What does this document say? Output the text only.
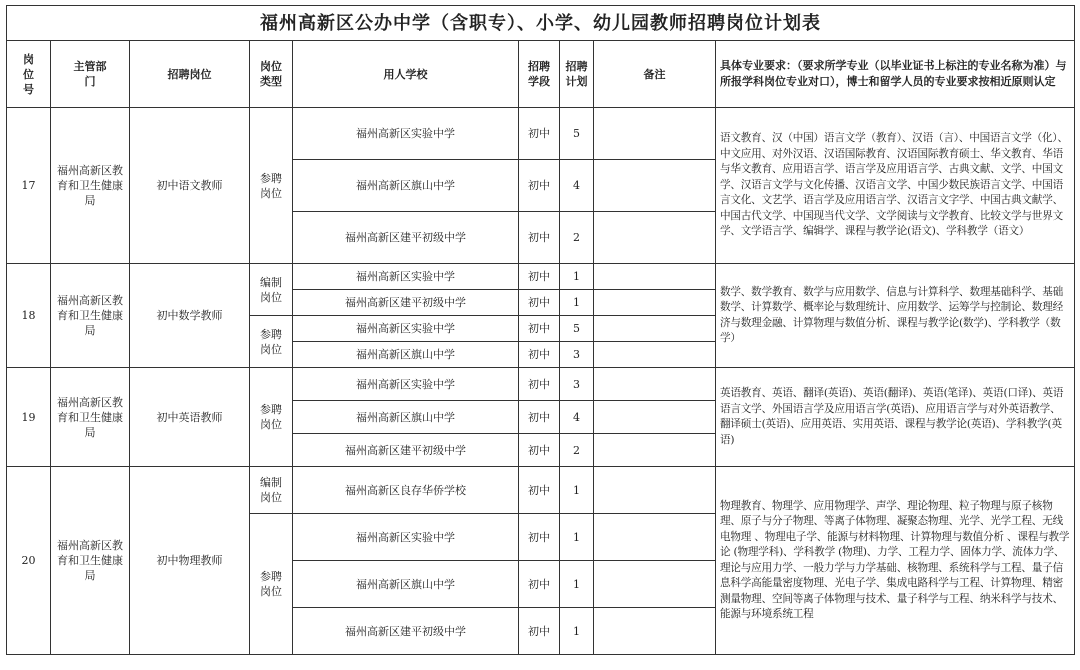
福州高新区公办中学（含职专）、小学、幼儿园教师招聘岗位计划表								
岗位号	主管部门	招聘岗位	岗位类型	用人学校	招聘学段	招聘计划	备注	具体专业要求：（要求所学专业（以毕业证书上标注的专业名称为准）与所报学科岗位专业对口），博士和留学人员的专业要求按相近原则认定
17	福州高新区教育和卫生健康局	初中语文教师	参聘岗位	福州高新区实验中学	初中	5		语文教育、汉（中国）语言文学（教育）、汉语（言）、中国语言文学（化）、中文应用、对外汉语、汉语国际教育、汉语国际教育硕士、华文教育、华语与华文教育、应用语言学、语言学及应用语言学、古典文献、文学、中国文学、汉语言文学与文化传播、汉语言文学、中国少数民族语言文学、中国语言文化、文艺学、语言学及应用语言学、汉语言文字学、中国古典文献学、中国古代文学、中国现当代文学、文学阅读与文学教育、比较文学与世界文学、文学语言学、编辑学、课程与教学论(语文)、学科教学（语文）
				福州高新区旗山中学	初中	4		
				福州高新区建平初级中学	初中	2		
18	福州高新区教育和卫生健康局	初中数学教师	编制岗位	福州高新区实验中学	初中	1		数学、数学教育、数学与应用数学、信息与计算科学、数理基础科学、基础数学、计算数学、概率论与数理统计、应用数学、运筹学与控制论、数理经济与数理金融、计算物理与数值分析、课程与教学论(数学)、学科教学（数学）
				福州高新区建平初级中学	初中	1		
			参聘岗位	福州高新区实验中学	初中	5		
				福州高新区旗山中学	初中	3		
19	福州高新区教育和卫生健康局	初中英语教师	参聘岗位	福州高新区实验中学	初中	3		英语教育、英语、翻译(英语)、英语(翻译)、英语(笔译)、英语(口译)、英语语言文学、外国语言学及应用语言学(英语)、应用语言学与对外英语教学、翻译硕士(英语)、应用英语、实用英语、课程与教学论(英语)、学科教学(英语)
				福州高新区旗山中学	初中	4		
				福州高新区建平初级中学	初中	2		
20	福州高新区教育和卫生健康局	初中物理教师	编制岗位	福州高新区良存华侨学校	初中	1		物理教育、物理学、应用物理学、声学、理论物理、粒子物理与原子核物理、原子与分子物理、等离子体物理、凝聚态物理、光学、光学工程、无线电物理 、物理电子学、能源与材料物理、计算物理与数值分析 、课程与教学论 (物理学科)、学科教学 (物理)、力学、工程力学、固体力学、流体力学、理论与应用力学、一般力学与力学基础、核物理、系统科学与工程、量子信息科学高能量密度物理、光电子学、集成电路科学与工程、计算物理、精密测量物理、空间等离子体物理与技术、量子科学与工程、纳米科学与技术、能源与环境系统工程
			参聘岗位	福州高新区实验中学	初中	1		
				福州高新区旗山中学	初中	1		
				福州高新区建平初级中学	初中	1		
